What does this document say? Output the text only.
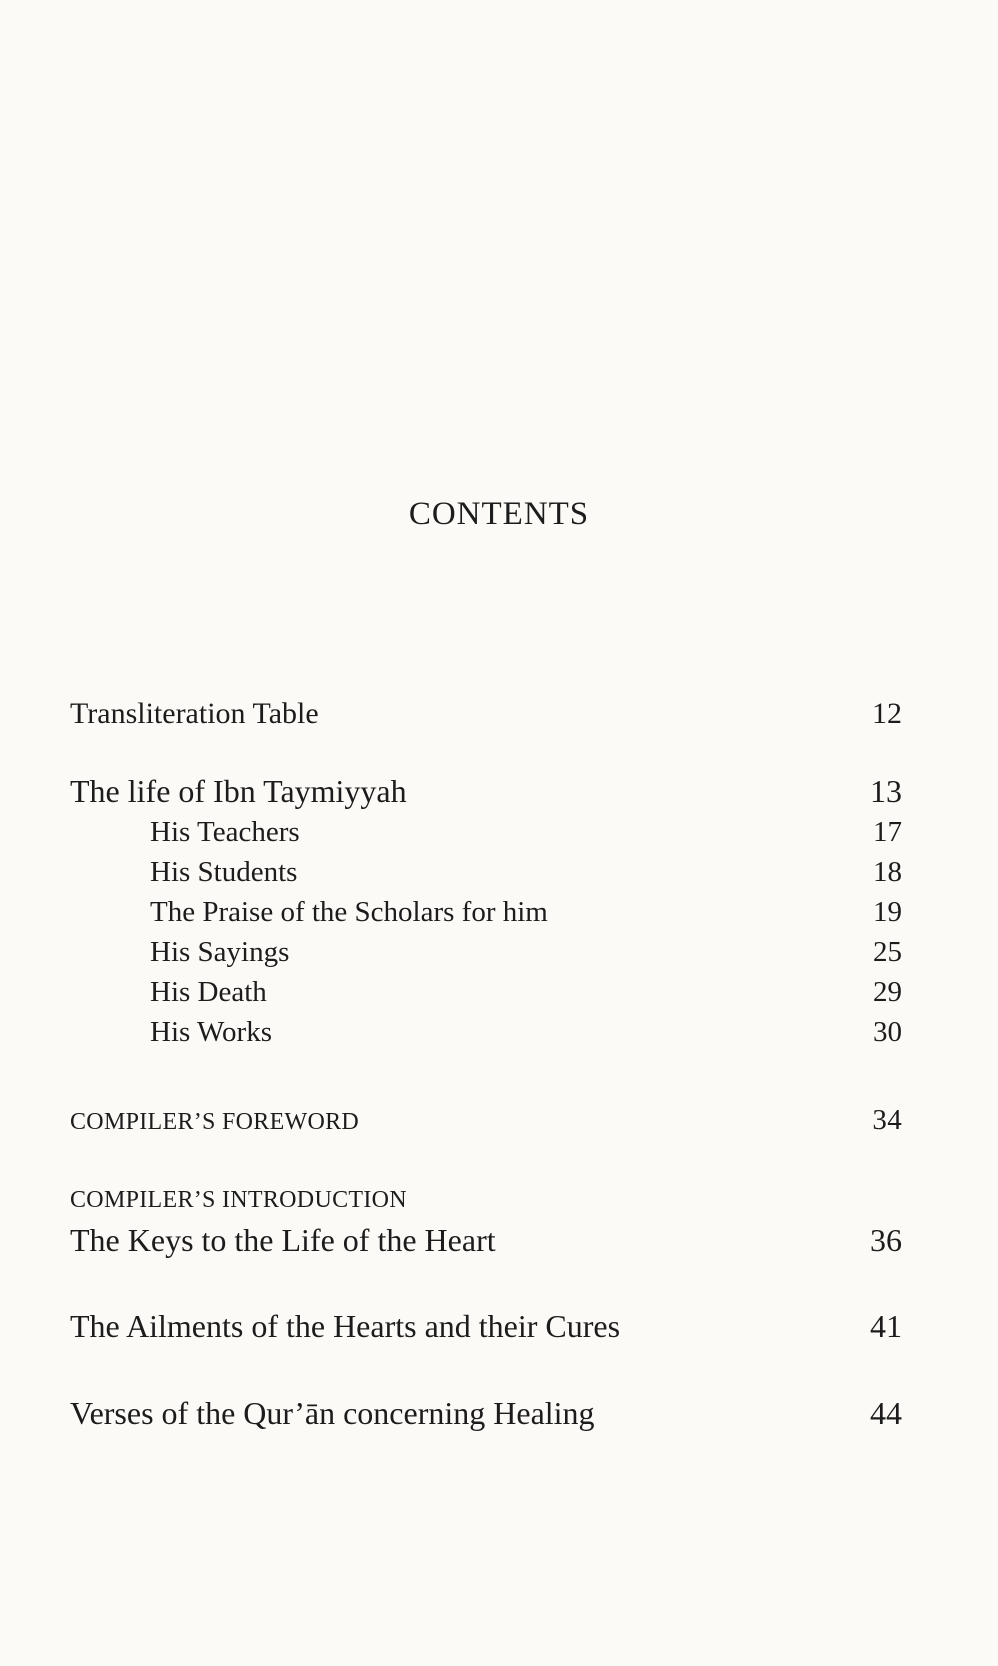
CONTENTS
Transliteration Table	12
The life of Ibn Taymiyyah	13
His Teachers	17
His Students	18
The Praise of the Scholars for him	19
His Sayings	25
His Death	29
His Works	30
COMPILER’S FOREWORD	34
COMPILER’S INTRODUCTION
The Keys to the Life of the Heart	36
The Ailments of the Hearts and their Cures	41
Verses of the Qur’ān concerning Healing	44
